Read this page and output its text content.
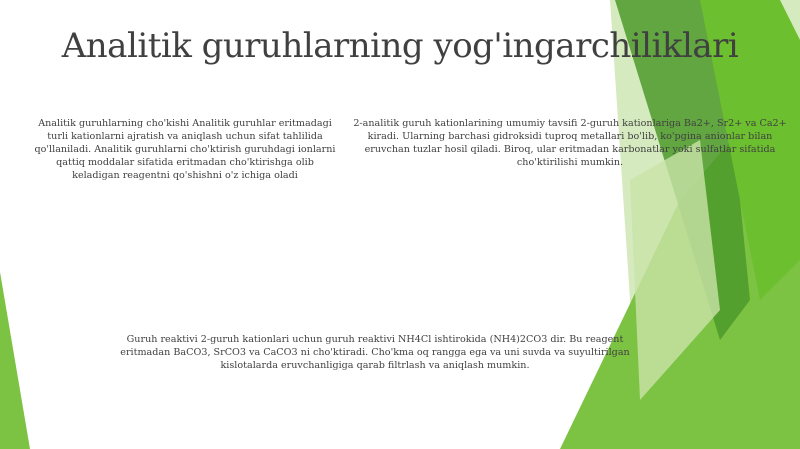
Analitik guruhlarning yog'ingarchiliklari
Analitik guruhlarning cho'kishi Analitik guruhlar eritmadagi turli kationlarni ajratish va aniqlash uchun sifat tahlilida qo'llaniladi. Analitik guruhlarni cho'ktirish guruhdagi ionlarni qattiq moddalar sifatida eritmadan cho'ktirishga olib keladigan reagentni qo'shishni o'z ichiga oladi
2-analitik guruh kationlarining umumiy tavsifi 2-guruh kationlariga Ba2+, Sr2+ va Ca2+ kiradi. Ularning barchasi gidroksidi tuproq metallari bo'lib, ko'pgina anionlar bilan eruvchan tuzlar hosil qiladi. Biroq, ular eritmadan karbonatlar yoki sulfatlar sifatida cho'ktirilishi mumkin.
Guruh reaktivi 2-guruh kationlari uchun guruh reaktivi NH4Cl ishtirokida (NH4)2CO3 dir. Bu reagent eritmadan BaCO3, SrCO3 va CaCO3 ni cho'ktiradi. Cho'kma oq rangga ega va uni suvda va suyultirilgan kislotalarda eruvchanligiga qarab filtrlash va aniqlash mumkin.
